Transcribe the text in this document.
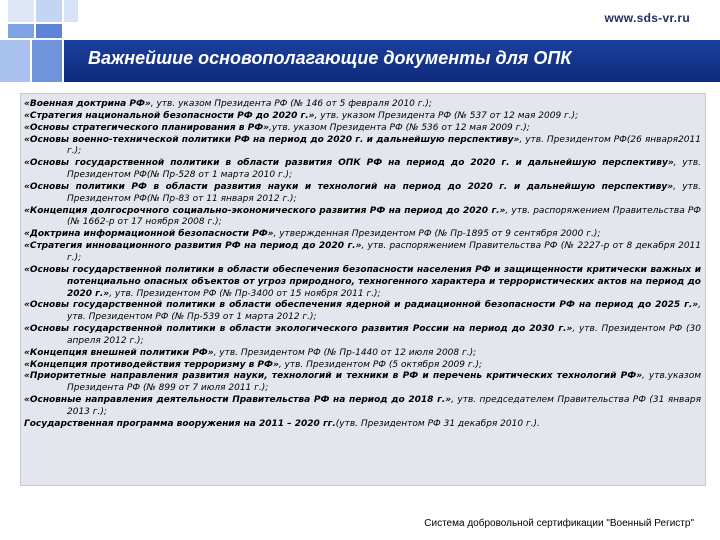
www.sds-vr.ru
Важнейшие основополагающие документы для ОПК
«Военная доктрина РФ», утв. указом Президента РФ (№ 146 от 5 февраля 2010 г.);
«Стратегия национальной безопасности РФ до 2020 г.», утв. указом Президента РФ (№ 537 от 12 мая 2009 г.);
«Основы стратегического планирования в РФ»,утв. указом Президента РФ (№ 536 от 12 мая 2009 г.);
«Основы военно-технической политики РФ на период до 2020 г. и дальнейшую перспективу», утв. Президентом РФ(26 января2011 г.);
«Основы государственной политики в области развития ОПК РФ на период до 2020 г. и дальнейшую перспективу», утв. Президентом РФ(№ Пр-528 от 1 марта 2010 г.);
«Основы политики РФ в области развития науки и технологий на период до 2020 г. и дальнейшую перспективу», утв. Президентом РФ(№ Пр-83 от 11 января 2012 г.);
«Концепция долгосрочного социально-экономического развития РФ на период до 2020 г.», утв. распоряжением Правительства РФ (№ 1662-р от 17 ноября 2008 г.);
«Доктрина информационной безопасности РФ», утвержденная Президентом РФ (№ Пр-1895 от 9 сентября 2000 г.);
«Стратегия инновационного развития РФ на период до 2020 г.», утв. распоряжением Правительства РФ (№ 2227-р от 8 декабря 2011 г.);
«Основы государственной политики в области обеспечения безопасности населения РФ и защищенности критически важных и потенциально опасных объектов от угроз природного, техногенного характера и террористических актов на период до 2020 г.», утв. Президентом РФ (№ Пр-3400 от 15 ноября 2011 г.);
«Основы государственной политики в области обеспечения ядерной и радиационной безопасности РФ на период до 2025 г.», утв. Президентом РФ (№ Пр-539 от 1 марта 2012 г.);
«Основы государственной политики в области экологического развития России на период до 2030 г.», утв. Президентом РФ (30 апреля 2012 г.);
«Концепция внешней политики РФ», утв. Президентом РФ (№ Пр-1440 от 12 июля 2008 г.);
«Концепция противодействия терроризму в РФ», утв. Президентом РФ (5 октября 2009 г.);
«Приоритетные направления развития науки, технологий и техники в РФ и перечень критических технологий РФ», утв.указом Президента РФ (№ 899 от 7 июля 2011 г.);
«Основные направления деятельности Правительства РФ на период до 2018 г.», утв. председателем Правительства РФ (31 января 2013 г.);
Государственная программа вооружения на 2011 – 2020 гг.(утв. Президентом РФ 31 декабря 2010 г.).
Система добровольной сертификации "Военный Регистр"
